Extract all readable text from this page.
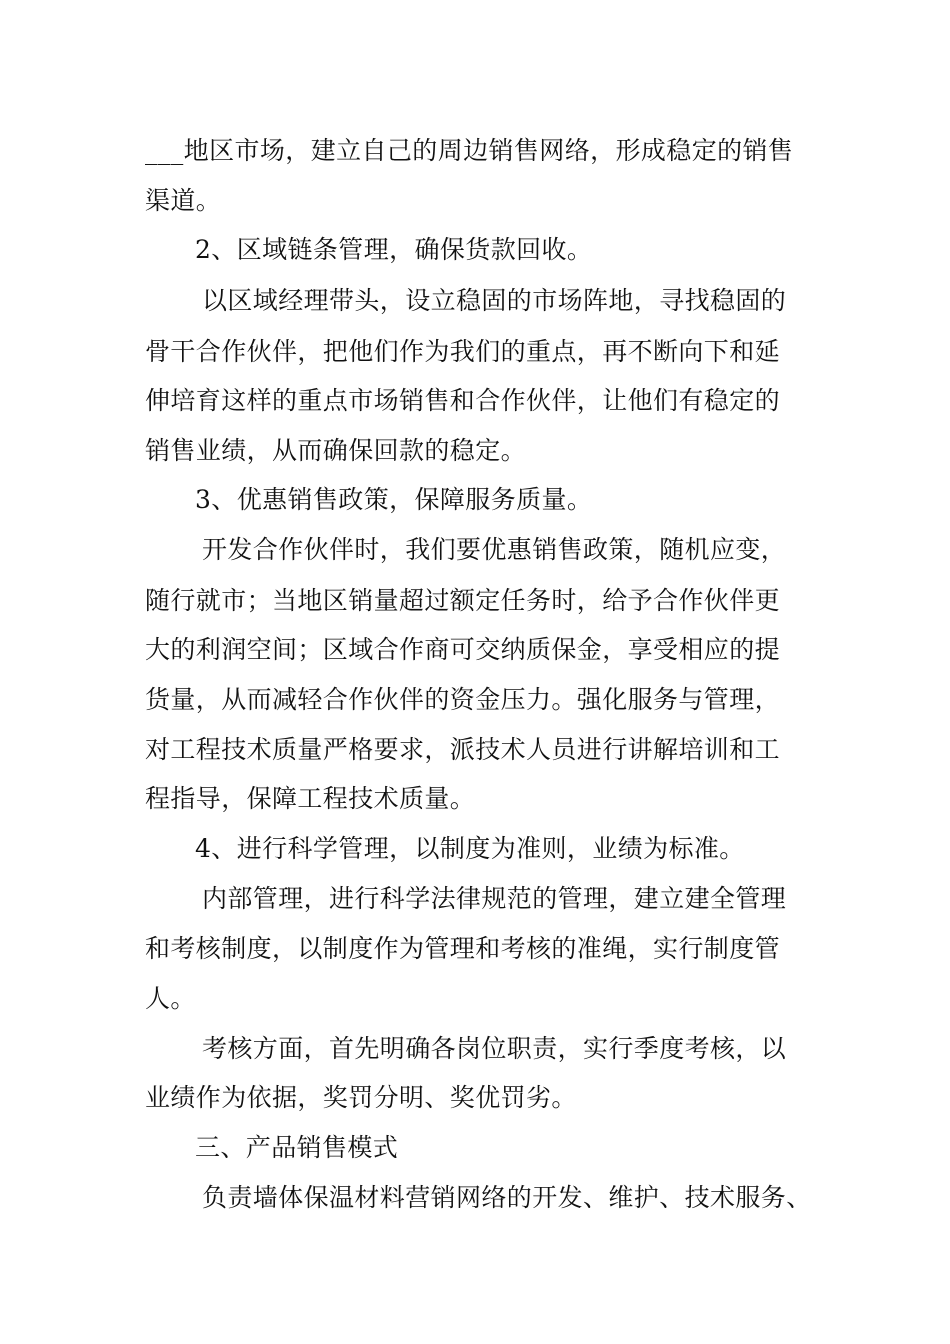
___地区市场，建立自己的周边销售网络，形成稳定的销售
渠道。
2、区域链条管理，确保货款回收。
以区域经理带头，设立稳固的市场阵地，寻找稳固的
骨干合作伙伴，把他们作为我们的重点，再不断向下和延
伸培育这样的重点市场销售和合作伙伴，让他们有稳定的
销售业绩，从而确保回款的稳定。
3、优惠销售政策，保障服务质量。
开发合作伙伴时，我们要优惠销售政策，随机应变，
随行就市；当地区销量超过额定任务时，给予合作伙伴更
大的利润空间；区域合作商可交纳质保金，享受相应的提
货量，从而减轻合作伙伴的资金压力。强化服务与管理，
对工程技术质量严格要求，派技术人员进行讲解培训和工
程指导，保障工程技术质量。
4、进行科学管理，以制度为准则，业绩为标准。
内部管理，进行科学法律规范的管理，建立建全管理
和考核制度，以制度作为管理和考核的准绳，实行制度管
人。
考核方面，首先明确各岗位职责，实行季度考核，以
业绩作为依据，奖罚分明、奖优罚劣。
三、产品销售模式
负责墙体保温材料营销网络的开发、维护、技术服务、
